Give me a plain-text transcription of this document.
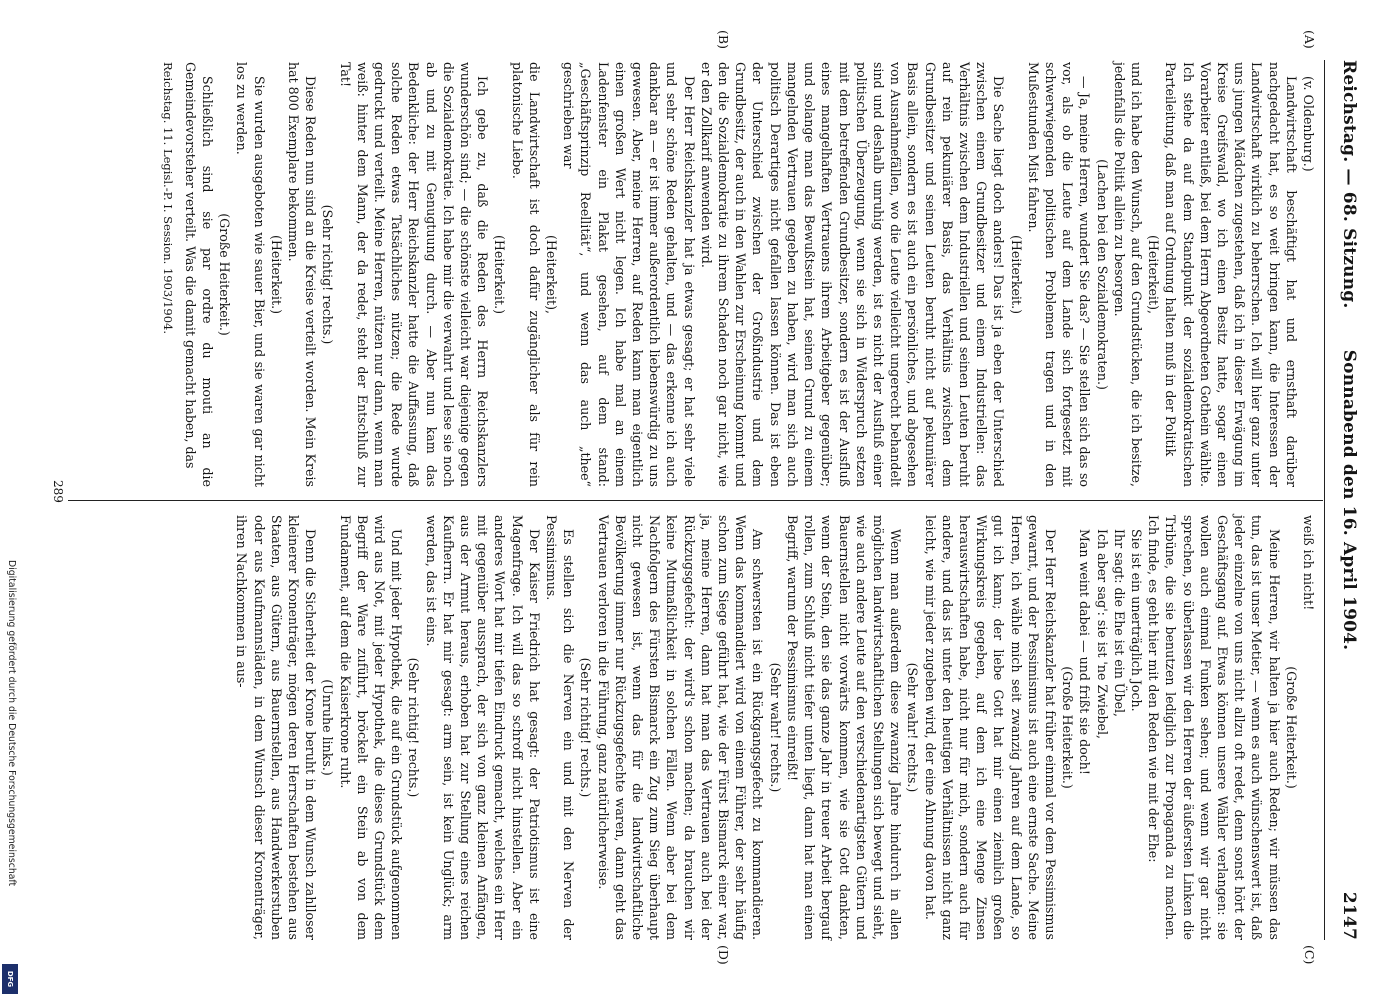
Reichstag. — 68. Sitzung.
Sonnabend den 16. April 1904.
2147
(A)
(B)
(C)
(D)

(v. Oldenburg.)

Landwirtschaft beschäftigt hat und ernsthaft darüber nachgedacht hat, es so weit bringen kann, die Interessen der Landwirtschaft wirklich zu beherrschen. Ich will hier ganz unter uns jungen Mädchen zugestehen, daß ich in dieser Erwägung im Kreise Greifswald, wo ich einen Besitz hatte, sogar einen Vorarbeiter entließ, bei dem Herrn Abgeordneten Gothein wählte. Ich stehe da auf dem Standpunkt der sozialdemokratischen Parteileitung, daß man auf Ordnung halten muß in der Politik

(Heiterkeit),

und ich habe den Wunsch, auf den Grundstücken, die ich besitze, jedenfalls die Politik allein zu besorgen.

(Lachen bei den Sozialdemokraten.)

— Ja, meine Herren, wundert Sie das? — Sie stellen sich das so vor, als ob die Leute auf dem Lande sich fortgesetzt mit schwerwiegenden politischen Problemen tragen und in den Mußestunden Mist fahren.

(Heiterkeit.)

Die Sache liegt doch anders! Das ist ja eben der Unterschied zwischen einem Grundbesitzer und einem Industriellen: das Verhältnis zwischen dem Industriellen und seinen Leuten beruht auf rein pekuniärer Basis, das Verhältnis zwischen dem Grundbesitzer und seinen Leuten beruht nicht auf pekuniärer Basis allein, sondern es ist auch ein persönliches, und abgesehen von Ausnahmefällen, wo die Leute vielleicht ungerecht behandelt sind und deshalb unruhig werden, ist es nicht der Ausfluß einer politischen Überzeugung, wenn sie sich in Widerspruch setzen mit dem betreffenden Grundbesitzer, sondern es ist der Ausfluß eines mangelhaften Vertrauens ihrem Arbeitgeber gegenüber; und solange man das Bewußtsein hat, seinen Grund zu einem mangelnden Vertrauen gegeben zu haben, wird man sich auch politisch Derartiges nicht gefallen lassen können. Das ist eben der Unterschied zwischen der Großindustrie und dem Grundbesitz, der auch in den Wahlen zur Erscheinung kommt und den die Sozialdemokratie zu ihrem Schaden noch gar nicht, wie er den Zollkarif anwenden wird.

Der Herr Reichskanzler hat ja etwas gesagt; er hat sehr viele und sehr schöne Reden gehalten, und — das erkenne ich auch dankbar an — er ist immer außerordentlich liebenswürdig zu uns gewesen. Aber, meine Herren, auf Reden kann man eigentlich einen großen Wert nicht legen. Ich habe mal an einem Ladenfenster ein Plakat gesehen, auf dem stand: „Geschäftsprinzip Reellität“, und wenn das auch „thee“ geschrieben war

(Heiterkeit),

die Landwirtschaft ist doch dafür zugänglicher als für rein platonische Liebe.

(Heiterkeit.)

Ich gebe zu, daß die Reden des Herrn Reichskanzlers wunderschön sind; — die schönste vielleicht war diejenige gegen die Sozialdemokratie. Ich habe mir die verwahrt und lese sie noch ab und zu mit Genugtuung durch. — Aber nun kam das Bedenkliche: der Herr Reichskanzler hatte die Auffassung, daß solche Reden etwas Tatsächliches nützen; die Rede wurde gedruckt und verteilt. Meine Herren, nützen nur dann, wenn man weiß: hinter dem Mann, der da redet, steht der Entschluß zur Tat!

(Sehr richtig! rechts.)

Diese Reden nun sind an die Kreise verteilt worden. Mein Kreis hat 800 Exemplare bekommen.

(Heiterkeit.)

Sie wurden ausgeboten wie sauer Bier, und sie waren gar nicht los zu werden.

(Große Heiterkeit.)

Schließlich sind sie par ordre du mouti an die Gemeindevorsteher verteilt. Was die damit gemacht haben, das

Reichstag. 11. Legisl.-P. I. Session. 1903/1904.

weiß ich nicht!

(Große Heiterkeit.)

Meine Herren, wir halten ja hier auch Reden; wir müssen das tun, das ist unser Metier, — wenn es auch wünschenswert ist, daß jeder einzelne von uns nicht allzu oft redet, denn sonst hört der Geschäftsgang auf. Etwas können unsere Wähler verlangen: sie wollen auch einmal Funken sehen; und wenn wir gar nicht sprechen, so überlassen wir den Herren der äußersten Linken die Tribüne, die sie benutzen lediglich zur Propaganda zu machen. Ich finde, es geht hier mit den Reden wie mit der Ehe:

Sie ist ein unerträglich Joch.

Ihr sagt: die Ehe ist ein Übel,

Ich aber sag': sie ist 'ne Zwiebel,

Man weint dabei — und frißt sie doch!

(Große Heiterkeit.)

Der Herr Reichskanzler hat früher einmal vor dem Pessimismus gewarnt, und der Pessimismus ist auch eine ernste Sache. Meine Herren, ich wähle mich seit zwanzig Jahren auf dem Lande, so gut ich kann; der liebe Gott hat mir einen ziemlich großen Wirkungskreis gegeben, auf dem ich eine Menge Zinsen herauswirtschaften habe, nicht nur für mich, sondern auch für andere, und das ist unter den heutigen Verhältnissen nicht ganz leicht, wie mir jeder zugeben wird, der eine Ahnung davon hat.

(Sehr wahr! rechts.)

Wenn man außerdem diese zwanzig Jahre hindurch in allen möglichen landwirtschaftlichen Stellungen sich bewegt und sieht, wie auch andere Leute auf den verschiedenartigsten Gütern und Bauernstellen nicht vorwärts kommen, wie sie Gott dankten, wenn der Stein, den sie das ganze Jahr in treuer Arbeit bergauf rollen, zum Schluß nicht tiefer unten liegt, dann hat man einen Begriff, warum der Pessimismus einreißt!

(Sehr wahr! rechts.)

Am schwersten ist ein Rückgangsgefecht zu kommandieren. Wenn das kommandiert wird von einem Führer, der sehr häufig schon zum Siege geführt hat, wie der Fürst Bismarck einer war, ja, meine Herren, dann hat man das Vertrauen auch bei der Rückzugsgefecht: der wird's schon machen; da brauchen wir keine Mutmaßlichkeit in solchen Fällen. Wenn aber bei dem Nachfolgern des Fürsten Bismarck ein Zug zum Sieg überhaupt nicht gewesen ist, wenn das für die landwirtschaftliche Bevölkerung immer nur Rückzugsgefechte waren, dann geht das Vertrauen verloren in die Führung, ganz natürlicherweise.

(Sehr richtig! rechts.)

Es stellen sich die Nerven ein und mit den Nerven der Pessimismus.

Der Kaiser Friedrich hat gesagt: der Patriotismus ist eine Magenfrage. Ich will das so schroff nicht hinstellen. Aber ein anderes Wort hat mir tiefen Eindruck gemacht, welches ein Herr mit gegenüber aussprach, der sich von ganz kleinen Anfängen, aus der Armut heraus, erhoben hat zur Stellung eines reichen Kaufherrn. Er hat mir gesagt: arm sein, ist kein Unglück; arm werden, das ist eins.

(Sehr richtig! rechts.)

Und mit jeder Hypothek, die auf ein Grundstück aufgenommen wird aus Not, mit jeder Hypothek, die dieses Grundstück dem Begriff der Ware zuführt, bröckelt ein Stein ab von dem Fundament, auf dem die Kaiserkrone ruht.

(Unruhe links.)

Denn die Sicherheit der Krone beruht in dem Wunsch zahlloser kleinerer Kronenträger, mögen deren Herrschaften bestehen aus Staaten, aus Gütern, aus Bauernstellen, aus Handwerkerstuben oder aus Kaufmannsläden, in dem Wunsch dieser Kronenträger, ihren Nachkommen in aus-

289
Digitalisierung gefördert durch die Deutsche Forschungsgemeinschaft
DFG
